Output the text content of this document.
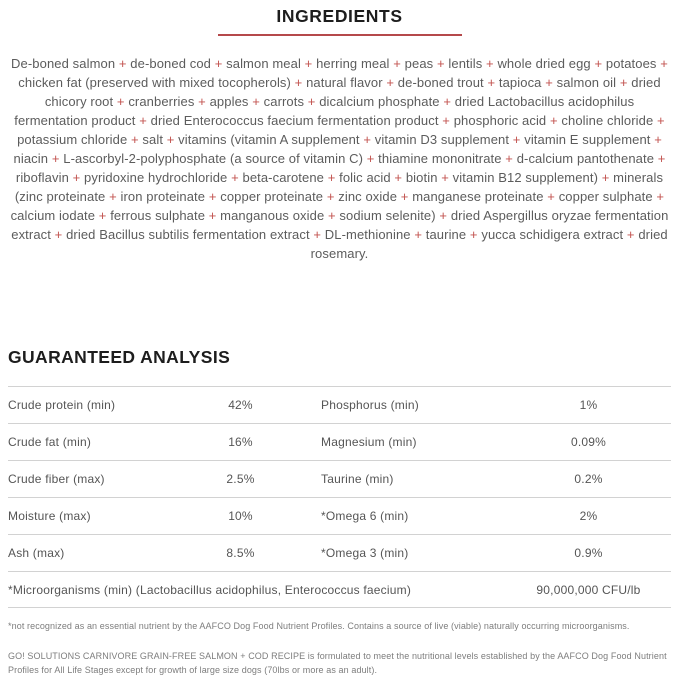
INGREDIENTS

De-boned salmon + de-boned cod + salmon meal + herring meal + peas + lentils + whole dried egg + potatoes + chicken fat (preserved with mixed tocopherols) + natural flavor + de-boned trout + tapioca + salmon oil + dried chicory root + cranberries + apples + carrots + dicalcium phosphate + dried Lactobacillus acidophilus fermentation product + dried Enterococcus faecium fermentation product + phosphoric acid + choline chloride + potassium chloride + salt + vitamins (vitamin A supplement + vitamin D3 supplement + vitamin E supplement + niacin + L-ascorbyl-2-polyphosphate (a source of vitamin C) + thiamine mononitrate + d-calcium pantothenate + riboflavin + pyridoxine hydrochloride + beta-carotene + folic acid + biotin + vitamin B12 supplement) + minerals (zinc proteinate + iron proteinate + copper proteinate + zinc oxide + manganese proteinate + copper sulphate + calcium iodate + ferrous sulphate + manganous oxide + sodium selenite) + dried Aspergillus oryzae fermentation extract + dried Bacillus subtilis fermentation extract + DL-methionine + taurine + yucca schidigera extract + dried rosemary.

GUARANTEED ANALYSIS
Crude protein (min)	42%	Phosphorus (min)	1%
Crude fat (min)	16%	Magnesium (min)	0.09%
Crude fiber (max)	2.5%	Taurine (min)	0.2%
Moisture (max)	10%	*Omega 6 (min)	2%
Ash (max)	8.5%	*Omega 3 (min)	0.9%
*Microorganisms (min) (Lactobacillus acidophilus, Enterococcus faecium)	90,000,000 CFU/lb

*not recognized as an essential nutrient by the AAFCO Dog Food Nutrient Profiles. Contains a source of live (viable) naturally occurring microorganisms.

GO! SOLUTIONS CARNIVORE GRAIN-FREE SALMON + COD RECIPE is formulated to meet the nutritional levels established by the AAFCO Dog Food Nutrient Profiles for All Life Stages except for growth of large size dogs (70lbs or more as an adult).
